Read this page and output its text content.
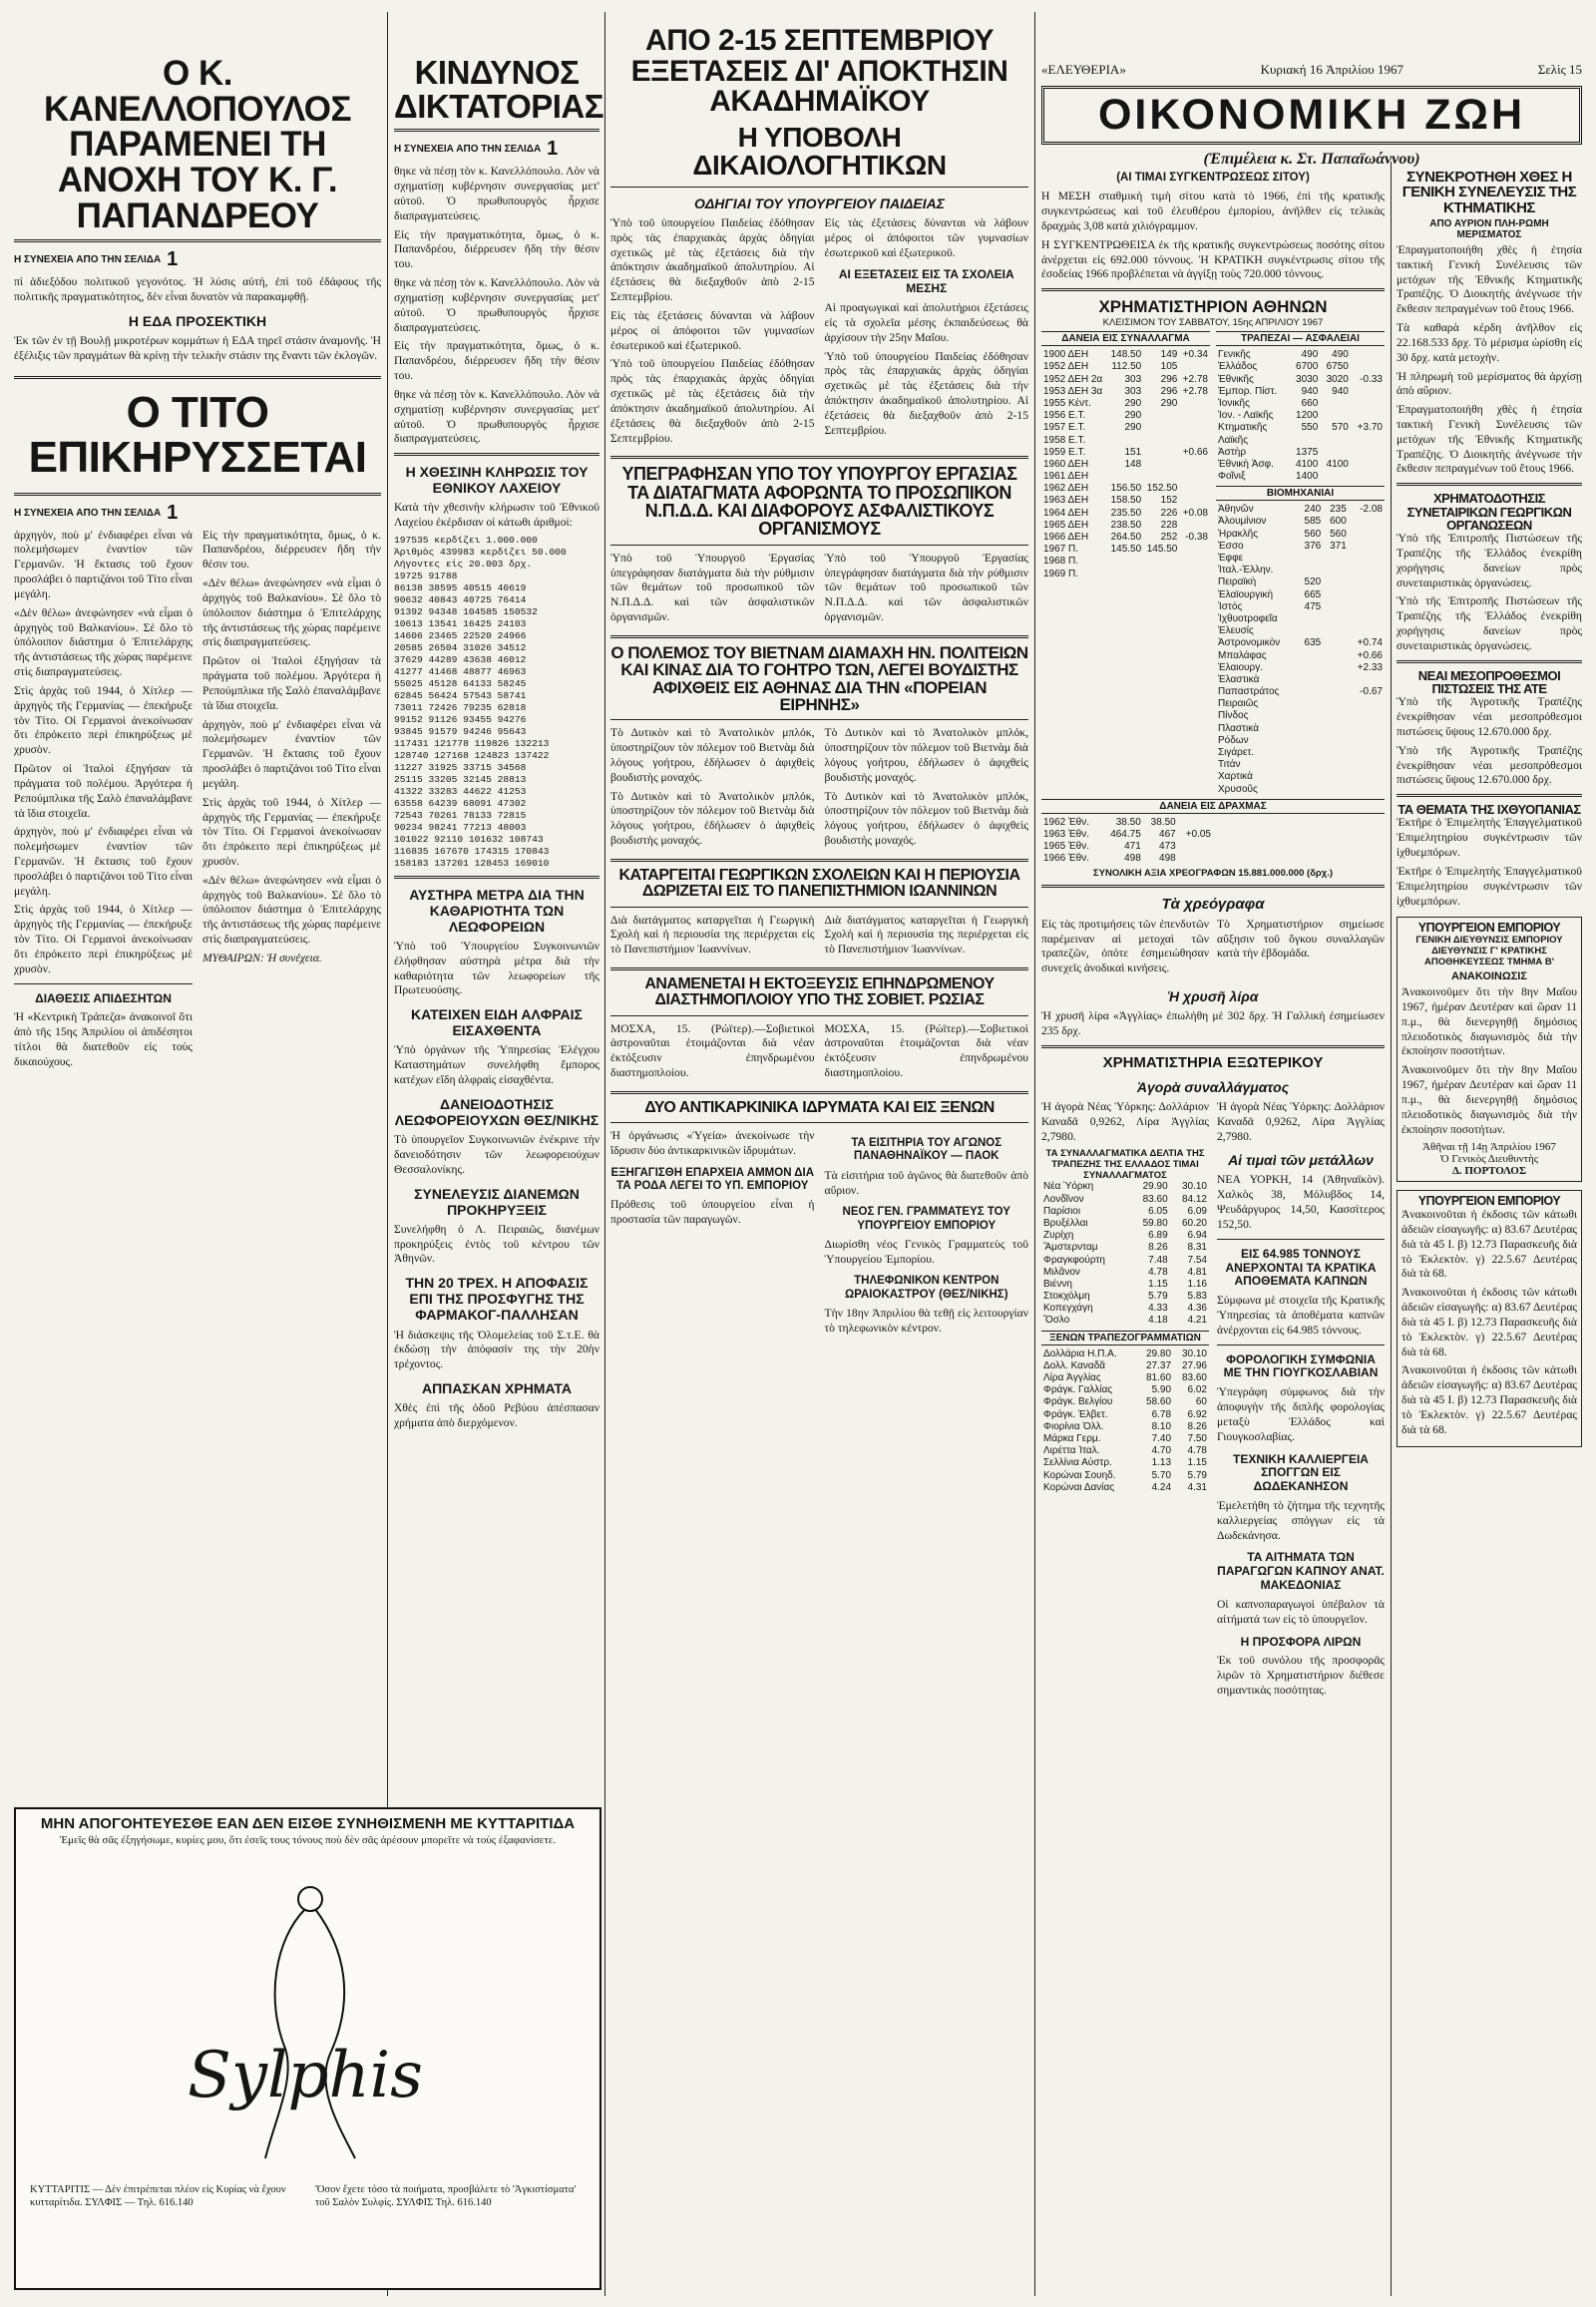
Ο Κ. ΚΑΝΕΛΛΟΠΟΥΛΟΣ ΠΑΡΑΜΕΝΕΙ ΤΗ ΑΝΟΧΗ ΤΟΥ Κ. Γ. ΠΑΠΑΝΔΡΕΟΥ
Η ΣΥΝΕΧΕΙΑ ΑΠΟ ΤΗΝ ΣΕΛΙΔΑ 1

πὶ ἀδιεξόδου πολιτικοῦ γεγονότος. Ἡ λύσις αὐτή, ἐπὶ τοῦ ἐδάφους τῆς πολιτικῆς πραγματικότητος, δὲν εἶναι δυνατὸν νὰ παρακαμφθῇ.

Η ΕΔΑ ΠΡΟΣΕΚΤΙΚΗ

Ἐκ τῶν ἐν τῇ Βουλῇ μικροτέρων κομμάτων ἡ ΕΔΑ τηρεῖ στάσιν ἀναμονῆς. Ἡ ἐξέλιξις τῶν πραγμάτων θὰ κρίνῃ τὴν τελικὴν στάσιν της ἔναντι τῶν ἐκλογῶν.

Ο ΤΙΤΟ ΕΠΙΚΗΡΥΣΣΕΤΑΙ
Η ΣΥΝΕΧΕΙΑ ΑΠΟ ΤΗΝ ΣΕΛΙΔΑ 1

ἀρχηγὸν, ποὺ μ' ἐνδιαφέρει εἶναι νὰ πολεμήσωμεν ἐναντίον τῶν Γερμανῶν. Ἡ ἔκτασις τοῦ ἔχουν προσλάβει ὁ παρτιζάνοι τοῦ Τίτο εἶναι μεγάλη.

«Δὲν θέλω» ἀνεφώνησεν «νὰ εἶμαι ὁ ἀρχηγὸς τοῦ Βαλκανίου». Σὲ ὅλο τὸ ὑπόλοιπον διάστημα ὁ Ἐπιτελάρχης τῆς ἀντιστάσεως τῆς χώρας παρέμεινε στὶς διαπραγματεύσεις.

Στὶς ἀρχὰς τοῦ 1944, ὁ Χίτλερ — ἀρχηγὸς τῆς Γερμανίας — ἐπεκήρυξε τὸν Τίτο. Οἱ Γερμανοὶ ἀνεκοίνωσαν ὅτι ἐπρόκειτο περὶ ἐπικηρύξεως μὲ χρυσὸν.

Πρῶτον οἱ Ἰταλοὶ ἐξηγήσαν τὰ πράγματα τοῦ πολέμου. Ἀργότερα ἡ Ρεπούμπλικα τῆς Σαλὸ ἐπαναλάμβανε τὰ ἴδια στοιχεῖα.

ἀρχηγὸν, ποὺ μ' ἐνδιαφέρει εἶναι νὰ πολεμήσωμεν ἐναντίον τῶν Γερμανῶν. Ἡ ἔκτασις τοῦ ἔχουν προσλάβει ὁ παρτιζάνοι τοῦ Τίτο εἶναι μεγάλη.

Στὶς ἀρχὰς τοῦ 1944, ὁ Χίτλερ — ἀρχηγὸς τῆς Γερμανίας — ἐπεκήρυξε τὸν Τίτο. Οἱ Γερμανοὶ ἀνεκοίνωσαν ὅτι ἐπρόκειτο περὶ ἐπικηρύξεως μὲ χρυσὸν.

ΔΙΑΘΕΣΙΣ ΑΠΙΔΕΣΗΤΩΝ

Ἡ «Κεντρικὴ Τράπεζα» ἀνακοινοῖ ὅτι ἀπὸ τῆς 15ης Ἀπριλίου οἱ ἀπιδέσητοι τίτλοι θὰ διατεθοῦν εἰς τοὺς δικαιούχους.

Εἰς τὴν πραγματικότητα, ὅμως, ὁ κ. Παπανδρέου, διέρρευσεν ἤδη τὴν θέσιν του.

«Δὲν θέλω» ἀνεφώνησεν «νὰ εἶμαι ὁ ἀρχηγὸς τοῦ Βαλκανίου». Σὲ ὅλο τὸ ὑπόλοιπον διάστημα ὁ Ἐπιτελάρχης τῆς ἀντιστάσεως τῆς χώρας παρέμεινε στὶς διαπραγματεύσεις.

Πρῶτον οἱ Ἰταλοὶ ἐξηγήσαν τὰ πράγματα τοῦ πολέμου. Ἀργότερα ἡ Ρεπούμπλικα τῆς Σαλὸ ἐπαναλάμβανε τὰ ἴδια στοιχεῖα.

ἀρχηγὸν, ποὺ μ' ἐνδιαφέρει εἶναι νὰ πολεμήσωμεν ἐναντίον τῶν Γερμανῶν. Ἡ ἔκτασις τοῦ ἔχουν προσλάβει ὁ παρτιζάνοι τοῦ Τίτο εἶναι μεγάλη.

Στὶς ἀρχὰς τοῦ 1944, ὁ Χίτλερ — ἀρχηγὸς τῆς Γερμανίας — ἐπεκήρυξε τὸν Τίτο. Οἱ Γερμανοὶ ἀνεκοίνωσαν ὅτι ἐπρόκειτο περὶ ἐπικηρύξεως μὲ χρυσὸν.

«Δὲν θέλω» ἀνεφώνησεν «νὰ εἶμαι ὁ ἀρχηγὸς τοῦ Βαλκανίου». Σὲ ὅλο τὸ ὑπόλοιπον διάστημα ὁ Ἐπιτελάρχης τῆς ἀντιστάσεως τῆς χώρας παρέμεινε στὶς διαπραγματεύσεις.

ΜΥΘΑΙΡΩΝ: Ἡ συνέχεια.

ΜΗΝ ΑΠΟΓΟΗΤΕΥΕΣΘΕ ΕΑΝ ΔΕΝ ΕΙΣΘΕ ΣΥΝΗΘΙΣΜΕΝΗ ΜΕ ΚΥΤΤΑΡΙΤΙΔΑ
Ἐμεῖς θὰ σᾶς ἐξηγήσωμε, κυρίες μου, ὅτι ἐσεῖς τους τόνους ποὺ δὲν σᾶς ἀρέσουν μπορεῖτε νὰ τοὺς ἐξαφανίσετε.
Sylphis
ΚΥΤΤΑΡΙΤΙΣ — Δὲν ἐπιτρέπεται πλέον εἰς Κυρίας νὰ ἔχουν κυτταρίτιδα. ΣΥΛΦΙΣ — Τηλ. 616.140
Ὅσον ἔχετε τόσο τὰ ποιήματα, προσβάλετε τὸ 'Ἀγκιστίσματα' τοῦ Σαλὸν Συλφίς. ΣΥΛΦΙΣ Τηλ. 616.140
ΚΙΝΔΥΝΟΣ ΔΙΚΤΑΤΟΡΙΑΣ
Η ΣΥΝΕΧΕΙΑ ΑΠΟ ΤΗΝ ΣΕΛΙΔΑ 1

θηκε νὰ πέσῃ τὸν κ. Κανελλόπουλο. Λὸν νὰ σχηματίσῃ κυβέρνησιν συνεργασίας μετ' αὐτοῦ. Ὁ πρωθυπουργὸς ἦρχισε διαπραγματεύσεις.

Εἰς τὴν πραγματικότητα, ὅμως, ὁ κ. Παπανδρέου, διέρρευσεν ἤδη τὴν θέσιν του.

θηκε νὰ πέσῃ τὸν κ. Κανελλόπουλο. Λὸν νὰ σχηματίσῃ κυβέρνησιν συνεργασίας μετ' αὐτοῦ. Ὁ πρωθυπουργὸς ἦρχισε διαπραγματεύσεις.

Εἰς τὴν πραγματικότητα, ὅμως, ὁ κ. Παπανδρέου, διέρρευσεν ἤδη τὴν θέσιν του.

θηκε νὰ πέσῃ τὸν κ. Κανελλόπουλο. Λὸν νὰ σχηματίσῃ κυβέρνησιν συνεργασίας μετ' αὐτοῦ. Ὁ πρωθυπουργὸς ἦρχισε διαπραγματεύσεις.

Η ΧΘΕΣΙΝΗ ΚΛΗΡΩΣΙΣ ΤΟΥ ΕΘΝΙΚΟΥ ΛΑΧΕΙΟΥ

Κατὰ τὴν χθεσινὴν κλήρωσιν τοῦ Ἐθνικοῦ Λαχείου ἐκέρδισαν οἱ κάτωθι ἀριθμοί:

197535 κερδίζει 1.000.000
Ἀριθμὸς 439983 κερδίζει 50.000
Λήγοντες εἰς 20.003 δρχ.
19725 91788
86138 38595 40515 40619
90632 40843 40725 76414
91392 94348 104585 150532
10613 13541 16425 24103
14606 23465 22520 24966
20585 26504 31026 34512
37629 44289 43638 46012
41277 41468 48877 46963
55025 45128 64133 58245
62845 56424 57543 58741
73011 72426 79235 62818
99152 91126 93455 94276
93845 91579 94246 95643
117431 121778 119826 132213
128740 127168 124823 137422
11227 31925 33715 34568
25115 33205 32145 28813
41322 33283 44622 41253
63558 64239 68091 47302
72543 70261 78133 72815
90234 98241 77213 48003
101022 92110 101632 108743
116835 167670 174315 170843
158183 137201 128453 169010
ΑΥΣΤΗΡΑ ΜΕΤΡΑ ΔΙΑ ΤΗΝ ΚΑΘΑΡΙΟΤΗΤΑ ΤΩΝ ΛΕΩΦΟΡΕΙΩΝ

Ὑπὸ τοῦ Ὑπουργείου Συγκοινωνιῶν ἐλήφθησαν αὐστηρὰ μέτρα διὰ τὴν καθαριότητα τῶν λεωφορείων τῆς Πρωτευούσης.

ΚΑΤΕΙΧΕΝ ΕΙΔΗ ΑΛΦΡΑΙΣ ΕΙΣΑΧΘΕΝΤΑ

Ὑπὸ ὀργάνων τῆς Ὑπηρεσίας Ἐλέγχου Καταστημάτων συνελήφθη ἔμπορος κατέχων εἴδη ἀλφραὶς εἰσαχθέντα.

ΔΑΝΕΙΟΔΟΤΗΣΙΣ ΛΕΩΦΟΡΕΙΟΥΧΩΝ ΘΕΣ/ΝΙΚΗΣ

Τὸ ὑπουργεῖον Συγκοινωνιῶν ἐνέκρινε τὴν δανειοδότησιν τῶν λεωφορειούχων Θεσσαλονίκης.

ΣΥΝΕΛΕΥΣΙΣ ΔΙΑΝΕΜΩΝ ΠΡΟΚΗΡΥΞΕΙΣ

Συνελήφθη ὁ Λ. Πειραιῶς, διανέμων προκηρύξεις ἐντὸς τοῦ κέντρου τῶν Ἀθηνῶν.

ΤΗΝ 20 ΤΡΕΧ. Η ΑΠΟΦΑΣΙΣ ΕΠΙ ΤΗΣ ΠΡΟΣΦΥΓΗΣ ΤΗΣ ΦΑΡΜΑΚΟΓ-ΠΑΛΛΗΣΑΝ

Ἡ διάσκεψις τῆς Ὁλομελείας τοῦ Σ.τ.Ε. θὰ ἐκδώσῃ τὴν ἀπόφασίν της τὴν 20ὴν τρέχοντος.

ΑΠΠΑΣΚΑΝ ΧΡΗΜΑΤΑ

Χθὲς ἐπὶ τῆς ὁδοῦ Ρεβύου ἀπέσπασαν χρήματα ἀπὸ διερχόμενον.

ΑΠΟ 2-15 ΣΕΠΤΕΜΒΡΙΟΥ ΕΞΕΤΑΣΕΙΣ ΔΙ' ΑΠΟΚΤΗΣΙΝ ΑΚΑΔΗΜΑΪΚΟΥ
Η ΥΠΟΒΟΛΗ ΔΙΚΑΙΟΛΟΓΗΤΙΚΩΝ
ΟΔΗΓΙΑΙ ΤΟΥ ΥΠΟΥΡΓΕΙΟΥ ΠΑΙΔΕΙΑΣ

Ὑπὸ τοῦ ὑπουργείου Παιδείας ἐδόθησαν πρὸς τὰς ἐπαρχιακὰς ἀρχὰς ὁδηγίαι σχετικῶς μὲ τὰς ἐξετάσεις διὰ τὴν ἀπόκτησιν ἀκαδημαϊκοῦ ἀπολυτηρίου. Αἱ ἐξετάσεις θὰ διεξαχθοῦν ἀπὸ 2-15 Σεπτεμβρίου.

Εἰς τὰς ἐξετάσεις δύνανται νὰ λάβουν μέρος οἱ ἀπόφοιτοι τῶν γυμνασίων ἐσωτερικοῦ καὶ ἐξωτερικοῦ.

Ὑπὸ τοῦ ὑπουργείου Παιδείας ἐδόθησαν πρὸς τὰς ἐπαρχιακὰς ἀρχὰς ὁδηγίαι σχετικῶς μὲ τὰς ἐξετάσεις διὰ τὴν ἀπόκτησιν ἀκαδημαϊκοῦ ἀπολυτηρίου. Αἱ ἐξετάσεις θὰ διεξαχθοῦν ἀπὸ 2-15 Σεπτεμβρίου.

Εἰς τὰς ἐξετάσεις δύνανται νὰ λάβουν μέρος οἱ ἀπόφοιτοι τῶν γυμνασίων ἐσωτερικοῦ καὶ ἐξωτερικοῦ.

ΑΙ ΕΞΕΤΑΣΕΙΣ ΕΙΣ ΤΑ ΣΧΟΛΕΙΑ ΜΕΣΗΣ

Αἱ προαγωγικαὶ καὶ ἀπολυτήριοι ἐξετάσεις εἰς τὰ σχολεῖα μέσης ἐκπαιδεύσεως θὰ ἀρχίσουν τὴν 25ην Μαΐου.

Ὑπὸ τοῦ ὑπουργείου Παιδείας ἐδόθησαν πρὸς τὰς ἐπαρχιακὰς ἀρχὰς ὁδηγίαι σχετικῶς μὲ τὰς ἐξετάσεις διὰ τὴν ἀπόκτησιν ἀκαδημαϊκοῦ ἀπολυτηρίου. Αἱ ἐξετάσεις θὰ διεξαχθοῦν ἀπὸ 2-15 Σεπτεμβρίου.

ΥΠΕΓΡΑΦΗΣΑΝ ΥΠΟ ΤΟΥ ΥΠΟΥΡΓΟΥ ΕΡΓΑΣΙΑΣ ΤΑ ΔΙΑΤΑΓΜΑΤΑ ΑΦΟΡΩΝΤΑ ΤΟ ΠΡΟΣΩΠΙΚΟΝ Ν.Π.Δ.Δ. ΚΑΙ ΔΙΑΦΟΡΟΥΣ ΑΣΦΑΛΙΣΤΙΚΟΥΣ ΟΡΓΑΝΙΣΜΟΥΣ

Ὑπὸ τοῦ Ὑπουργοῦ Ἐργασίας ὑπεγράφησαν διατάγματα διὰ τὴν ρύθμισιν τῶν θεμάτων τοῦ προσωπικοῦ τῶν Ν.Π.Δ.Δ. καὶ τῶν ἀσφαλιστικῶν ὀργανισμῶν.

Ὑπὸ τοῦ Ὑπουργοῦ Ἐργασίας ὑπεγράφησαν διατάγματα διὰ τὴν ρύθμισιν τῶν θεμάτων τοῦ προσωπικοῦ τῶν Ν.Π.Δ.Δ. καὶ τῶν ἀσφαλιστικῶν ὀργανισμῶν.

Ο ΠΟΛΕΜΟΣ ΤΟΥ ΒΙΕΤΝΑΜ ΔΙΑΜΑΧΗ ΗΝ. ΠΟΛΙΤΕΙΩΝ ΚΑΙ ΚΙΝΑΣ ΔΙΑ ΤΟ ΓΟΗΤΡΟ ΤΩΝ, ΛΕΓΕΙ ΒΟΥΔΙΣΤΗΣ ΑΦΙΧΘΕΙΣ ΕΙΣ ΑΘΗΝΑΣ ΔΙΑ ΤΗΝ «ΠΟΡΕΙΑΝ ΕΙΡΗΝΗΣ»

Τὸ Δυτικὸν καὶ τὸ Ἀνατολικὸν μπλόκ, ὑποστηρίζουν τὸν πόλεμον τοῦ Βιετνὰμ διὰ λόγους γοήτρου, ἐδήλωσεν ὁ ἀφιχθεὶς βουδιστὴς μοναχός.

Τὸ Δυτικὸν καὶ τὸ Ἀνατολικὸν μπλόκ, ὑποστηρίζουν τὸν πόλεμον τοῦ Βιετνὰμ διὰ λόγους γοήτρου, ἐδήλωσεν ὁ ἀφιχθεὶς βουδιστὴς μοναχός.

Τὸ Δυτικὸν καὶ τὸ Ἀνατολικὸν μπλόκ, ὑποστηρίζουν τὸν πόλεμον τοῦ Βιετνὰμ διὰ λόγους γοήτρου, ἐδήλωσεν ὁ ἀφιχθεὶς βουδιστὴς μοναχός.

Τὸ Δυτικὸν καὶ τὸ Ἀνατολικὸν μπλόκ, ὑποστηρίζουν τὸν πόλεμον τοῦ Βιετνὰμ διὰ λόγους γοήτρου, ἐδήλωσεν ὁ ἀφιχθεὶς βουδιστὴς μοναχός.

ΚΑΤΑΡΓΕΙΤΑΙ ΓΕΩΡΓΙΚΩΝ ΣΧΟΛΕΙΩΝ ΚΑΙ Η ΠΕΡΙΟΥΣΙΑ ΔΩΡΙΖΕΤΑΙ ΕΙΣ ΤΟ ΠΑΝΕΠΙΣΤΗΜΙΟΝ ΙΩΑΝΝΙΝΩΝ

Διὰ διατάγματος καταργεῖται ἡ Γεωργικὴ Σχολὴ καὶ ἡ περιουσία της περιέρχεται εἰς τὸ Πανεπιστήμιον Ἰωαννίνων.

Διὰ διατάγματος καταργεῖται ἡ Γεωργικὴ Σχολὴ καὶ ἡ περιουσία της περιέρχεται εἰς τὸ Πανεπιστήμιον Ἰωαννίνων.

ΑΝΑΜΕΝΕΤΑΙ Η ΕΚΤΟΞΕΥΣΙΣ ΕΠΗΝΔΡΩΜΕΝΟΥ ΔΙΑΣΤΗΜΟΠΛΟΙΟΥ ΥΠΟ ΤΗΣ ΣΟΒΙΕΤ. ΡΩΣΙΑΣ

ΜΟΣΧΑ, 15. (Ρώϊτερ).—Σοβιετικοὶ ἀστροναῦται ἑτοιμάζονται διὰ νέαν ἐκτόξευσιν ἐπηνδρωμένου διαστημοπλοίου.

ΜΟΣΧΑ, 15. (Ρώϊτερ).—Σοβιετικοὶ ἀστροναῦται ἑτοιμάζονται διὰ νέαν ἐκτόξευσιν ἐπηνδρωμένου διαστημοπλοίου.

ΔΥΟ ΑΝΤΙΚΑΡΚΙΝΙΚΑ ΙΔΡΥΜΑΤΑ ΚΑΙ ΕΙΣ ΞΕΝΩΝ

Ἡ ὀργάνωσις «Ὑγεία» ἀνεκοίνωσε τὴν ἵδρυσιν δύο ἀντικαρκινικῶν ἱδρυμάτων.

ΕΞΗΓΑΓΙΣΘΗ ΕΠΑΡΧΕΙΑ ΑΜΜΟΝ ΔΙΑ ΤΑ ΡΟΔΑ ΛΕΓΕΙ ΤΟ ΥΠ. ΕΜΠΟΡΙΟΥ

Πρόθεσις τοῦ ὑπουργείου εἶναι ἡ προστασία τῶν παραγωγῶν.

ΤΑ ΕΙΣΙΤΗΡΙΑ ΤΟΥ ΑΓΩΝΟΣ ΠΑΝΑΘΗΝΑΪΚΟΥ — ΠΑΟΚ

Τὰ εἰσιτήρια τοῦ ἀγῶνος θὰ διατεθοῦν ἀπὸ αὔριον.

ΝΕΟΣ ΓΕΝ. ΓΡΑΜΜΑΤΕΥΣ ΤΟΥ ΥΠΟΥΡΓΕΙΟΥ ΕΜΠΟΡΙΟΥ

Διωρίσθη νέος Γενικὸς Γραμματεὺς τοῦ Ὑπουργείου Ἐμπορίου.

ΤΗΛΕΦΩΝΙΚΟΝ ΚΕΝΤΡΟΝ ΩΡΑΙΟΚΑΣΤΡΟΥ (ΘΕΣ/ΝΙΚΗΣ)

Τὴν 18ην Ἀπριλίου θὰ τεθῇ εἰς λειτουργίαν τὸ τηλεφωνικὸν κέντρον.

«ΕΛΕΥΘΕΡΙΑ»	Κυριακή 16 Ἀπριλίου 1967	Σελὶς 15
ΟΙΚΟΝΟΜΙΚΗ ΖΩΗ
(Ἐπιμέλεια κ. Στ. Παπαϊωάννου)
(ΑΙ ΤΙΜΑΙ ΣΥΓΚΕΝΤΡΩΣΕΩΣ ΣΙΤΟΥ)

Η ΜΕΣΗ σταθμικὴ τιμὴ σίτου κατὰ τὸ 1966, ἐπὶ τῆς κρατικῆς συγκεντρώσεως καὶ τοῦ ἐλευθέρου ἐμπορίου, ἀνῆλθεν εἰς τελικὰς δραχμὰς 3,08 κατὰ χιλιόγραμμον.

Η ΣΥΓΚΕΝΤΡΩΘΕΙΣΑ ἐκ τῆς κρατικῆς συγκεντρώσεως ποσότης σίτου ἀνέρχεται εἰς 692.000 τόννους. Ἡ ΚΡΑΤΙΚΗ συγκέντρωσις σίτου τῆς ἐσοδείας 1966 προβλέπεται νὰ ἀγγίξῃ τοὺς 720.000 τόννους.

ΧΡΗΜΑΤΙΣΤΗΡΙΟΝ ΑΘΗΝΩΝ
ΚΛΕΙΣΙΜΟΝ ΤΟΥ ΣΑΒΒΑΤΟΥ, 15ης ΑΠΡΙΛΙΟΥ 1967
ΔΑΝΕΙΑ ΕΙΣ ΣΥΝΑΛΛΑΓΜΑ
1900 ΔΕΗ	148.50	149	+0.34
1952 ΔΕΗ	112.50	105	
1952 ΔΕΗ 2α	303	296	+2.78
1953 ΔΕΗ 3α	303	296	+2.78
1955 Κέντ.	290	290	
1956 Ε.Τ.	290		
1957 Ε.Τ.	290		
1958 Ε.Τ.			
1959 Ε.Τ.	151		+0.66
1960 ΔΕΗ	148		
1961 ΔΕΗ			
1962 ΔΕΗ	156.50	152.50	
1963 ΔΕΗ	158.50	152	
1964 ΔΕΗ	235.50	226	+0.08
1965 ΔΕΗ	238.50	228	
1966 ΔΕΗ	264.50	252	-0.38
1967 Π.	145.50	145.50	
1968 Π.			
1969 Π.			
ΤΡΑΠΕΖΑΙ — ΑΣΦΑΛΕΙΑΙ
Γενικῆς	490	490	
Ἑλλάδος	6700	6750	
Ἐθνικῆς	3030	3020	-0.33
Ἐμπορ. Πίστ.	940	940	
Ἰονικῆς	660		
Ἰον. - Λαϊκῆς	1200		
Κτηματικῆς	550	570	+3.70
Λαϊκῆς			
Ἀστὴρ	1375		
Ἐθνικὴ Ἀσφ.	4100	4100	
Φοῖνιξ	1400		
ΒΙΟΜΗΧΑΝΙΑΙ
Ἀθηνῶν	240	235	-2.08
Ἀλουμίνιον	585	600	
Ἡρακλῆς	560	560	
Ἐσσο	376	371	
Ἐφφε			
Ἰταλ.-Ἑλλην.			
Πειραϊκὴ	520		
Ἐλαϊουργικὴ	665		
Ἰστός	475		
Ἰχθυοτροφεῖα			
Ἐλευσίς			
Ἀστρονομικὸν	635		+0.74
Μπαλάφας			+0.66
Ἐλαιουργ.			+2.33
Ἐλαστικὰ			
Παπαστράτος			-0.67
Πειραιῶς			
Πίνδος			
Πλαστικὰ			
Ρόδων			
Σιγάρετ.			
Τιτάν			
Χαρτικὰ			
Χρυσοῦς			
ΔΑΝΕΙΑ ΕΙΣ ΔΡΑΧΜΑΣ
1962 Ἐθν.	38.50	38.50	
1963 Ἐθν.	464.75	467	+0.05
1965 Ἐθν.	471	473	
1966 Ἐθν.	498	498	
ΣΥΝΟΛΙΚΗ ΑΞΙΑ ΧΡΕΟΓΡΑΦΩΝ 15.881.000.000 (δρχ.)
Τὰ χρεόγραφα

Εἰς τὰς προτιμήσεις τῶν ἐπενδυτῶν παρέμειναν αἱ μετοχαὶ τῶν τραπεζῶν, ὁπότε ἐσημειώθησαν συνεχεῖς ἀνοδικαὶ κινήσεις.

Τὸ Χρηματιστήριον σημείωσε αὔξησιν τοῦ ὄγκου συναλλαγῶν κατὰ τὴν ἑβδομάδα.

Ἡ χρυσῆ λίρα

Ἡ χρυσῆ λίρα «Ἀγγλίας» ἐπωλήθη μὲ 302 δρχ. Ἡ Γαλλικὴ ἐσημείωσεν 235 δρχ.

ΧΡΗΜΑΤΙΣΤΗΡΙΑ ΕΞΩΤΕΡΙΚΟΥ
Ἀγορὰ συναλλάγματος

Ἡ ἀγορὰ Νέας Ὑόρκης: Δολλάριον Καναδᾶ 0,9262, Λίρα Ἀγγλίας 2,7980.

ΤΑ ΣΥΝΑΛΛΑΓΜΑΤΙΚΑ ΔΕΛΤΙΑ ΤΗΣ ΤΡΑΠΕΖΗΣ ΤΗΣ ΕΛΛΑΔΟΣ ΤΙΜΑΙ ΣΥΝΑΛΛΑΓΜΑΤΟΣ
Νέα Ὑόρκη	29.90	30.10
Λονδῖνον	83.60	84.12
Παρίσιοι	6.05	6.09
Βρυξέλλαι	59.80	60.20
Ζυρίχη	6.89	6.94
Ἄμστερνταμ	8.26	8.31
Φραγκφούρτη	7.48	7.54
Μιλᾶνον	4.78	4.81
Βιέννη	1.15	1.16
Στοκχόλμη	5.79	5.83
Κοπεγχάγη	4.33	4.36
Ὄσλο	4.18	4.21
ΞΕΝΩΝ ΤΡΑΠΕΖΟΓΡΑΜΜΑΤΙΩΝ
Δολλάρια Η.Π.Α.	29.80	30.10
Δολλ. Καναδᾶ	27.37	27.96
Λίρα Ἀγγλίας	81.60	83.60
Φράγκ. Γαλλίας	5.90	6.02
Φράγκ. Βελγίου	58.60	60
Φράγκ. Ἑλβετ.	6.78	6.92
Φιορίνια Ὀλλ.	8.10	8.26
Μάρκα Γερμ.	7.40	7.50
Λιρέττα Ἰταλ.	4.70	4.78
Σελλίνια Αὐστρ.	1.13	1.15
Κορώναι Σουηδ.	5.70	5.79
Κορώναι Δανίας	4.24	4.31

Ἡ ἀγορὰ Νέας Ὑόρκης: Δολλάριον Καναδᾶ 0,9262, Λίρα Ἀγγλίας 2,7980.

Αἱ τιμαὶ τῶν μετάλλων

ΝΕΑ ΥΟΡΚΗ, 14 (Ἀθηναϊκὸν). Χαλκὸς 38, Μόλυβδος 14, Ψευδάργυρος 14,50, Κασσίτερος 152,50.

ΕΙΣ 64.985 ΤΟΝΝΟΥΣ ΑΝΕΡΧΟΝΤΑΙ ΤΑ ΚΡΑΤΙΚΑ ΑΠΟΘΕΜΑΤΑ ΚΑΠΝΩΝ

Σύμφωνα μὲ στοιχεῖα τῆς Κρατικῆς Ὑπηρεσίας τὰ ἀποθέματα καπνῶν ἀνέρχονται εἰς 64.985 τόννους.

ΦΟΡΟΛΟΓΙΚΗ ΣΥΜΦΩΝΙΑ ΜΕ ΤΗΝ ΓΙΟΥΓΚΟΣΛΑΒΙΑΝ

Ὑπεγράφη σύμφωνος διὰ τὴν ἀποφυγὴν τῆς διπλῆς φορολογίας μεταξὺ Ἑλλάδος καὶ Γιουγκοσλαβίας.

ΤΕΧΝΙΚΗ ΚΑΛΛΙΕΡΓΕΙΑ ΣΠΟΓΓΩΝ ΕΙΣ ΔΩΔΕΚΑΝΗΣΟΝ

Ἐμελετήθη τὸ ζήτημα τῆς τεχνητῆς καλλιεργείας σπόγγων εἰς τὰ Δωδεκάνησα.

ΤΑ ΑΙΤΗΜΑΤΑ ΤΩΝ ΠΑΡΑΓΩΓΩΝ ΚΑΠΝΟΥ ΑΝΑΤ. ΜΑΚΕΔΟΝΙΑΣ

Οἱ καπνοπαραγωγοὶ ὑπέβαλον τὰ αἰτήματά των εἰς τὸ ὑπουργεῖον.

Η ΠΡΟΣΦΟΡΑ ΛΙΡΩΝ

Ἐκ τοῦ συνόλου τῆς προσφορᾶς λιρῶν τὸ Χρηματιστήριον διέθεσε σημαντικὰς ποσότητας.

ΣΥΝΕΚΡΟΤΗΘΗ ΧΘΕΣ Η ΓΕΝΙΚΗ ΣΥΝΕΛΕΥΣΙΣ ΤΗΣ ΚΤΗΜΑΤΙΚΗΣ
ΑΠΟ ΑΥΡΙΟΝ ΠΛΗ-ΡΩΜΗ ΜΕΡΙΣΜΑΤΟΣ

Ἐπραγματοποιήθη χθὲς ἡ ἐτησία τακτικὴ Γενικὴ Συνέλευσις τῶν μετόχων τῆς Ἐθνικῆς Κτηματικῆς Τραπέζης. Ὁ Διοικητὴς ἀνέγνωσε τὴν ἔκθεσιν πεπραγμένων τοῦ ἔτους 1966.

Τὰ καθαρὰ κέρδη ἀνῆλθον εἰς 22.168.533 δρχ. Τὸ μέρισμα ὡρίσθη εἰς 30 δρχ. κατὰ μετοχὴν.

Ἡ πληρωμὴ τοῦ μερίσματος θὰ ἀρχίσῃ ἀπὸ αὔριον.

Ἐπραγματοποιήθη χθὲς ἡ ἐτησία τακτικὴ Γενικὴ Συνέλευσις τῶν μετόχων τῆς Ἐθνικῆς Κτηματικῆς Τραπέζης. Ὁ Διοικητὴς ἀνέγνωσε τὴν ἔκθεσιν πεπραγμένων τοῦ ἔτους 1966.

ΧΡΗΜΑΤΟΔΟΤΗΣΙΣ ΣΥΝΕΤΑΙΡΙΚΩΝ ΓΕΩΡΓΙΚΩΝ ΟΡΓΑΝΩΣΕΩΝ

Ὑπὸ τῆς Ἐπιτροπῆς Πιστώσεων τῆς Τραπέζης τῆς Ἑλλάδος ἐνεκρίθη χορήγησις δανείων πρὸς συνεταιριστικὰς ὀργανώσεις.

Ὑπὸ τῆς Ἐπιτροπῆς Πιστώσεων τῆς Τραπέζης τῆς Ἑλλάδος ἐνεκρίθη χορήγησις δανείων πρὸς συνεταιριστικὰς ὀργανώσεις.

ΝΕΑΙ ΜΕΣΟΠΡΟΘΕΣΜΟΙ ΠΙΣΤΩΣΕΙΣ ΤΗΣ ΑΤΕ

Ὑπὸ τῆς Ἀγροτικῆς Τραπέζης ἐνεκρίθησαν νέαι μεσοπρόθεσμοι πιστώσεις ὕψους 12.670.000 δρχ.

Ὑπὸ τῆς Ἀγροτικῆς Τραπέζης ἐνεκρίθησαν νέαι μεσοπρόθεσμοι πιστώσεις ὕψους 12.670.000 δρχ.

ΤΑ ΘΕΜΑΤΑ ΤΗΣ ΙΧΘΥΟΠΑΝΙΑΣ

Ἐκτῆρε ὁ Ἐπιμελητὴς Ἐπαγγελματικοῦ Ἐπιμελητηρίου συγκέντρωσιν τῶν ἰχθυεμπόρων.

Ἐκτῆρε ὁ Ἐπιμελητὴς Ἐπαγγελματικοῦ Ἐπιμελητηρίου συγκέντρωσιν τῶν ἰχθυεμπόρων.

ΥΠΟΥΡΓΕΙΟΝ ΕΜΠΟΡΙΟΥ
ΓΕΝΙΚΗ ΔΙΕΥΘΥΝΣΙΣ ΕΜΠΟΡΙΟΥ ΔΙΕΥΘΥΝΣΙΣ Γ' ΚΡΑΤΙΚΗΣ ΑΠΟΘΗΚΕΥΣΕΩΣ ΤΜΗΜΑ Β'
ΑΝΑΚΟΙΝΩΣΙΣ

Ἀνακοινοῦμεν ὅτι τὴν 8ην Μαΐου 1967, ἡμέραν Δευτέραν καὶ ὥραν 11 π.μ., θὰ διενεργηθῇ δημόσιος πλειοδοτικὸς διαγωνισμὸς διὰ τὴν ἐκποίησιν ποσοτήτων.

Ἀνακοινοῦμεν ὅτι τὴν 8ην Μαΐου 1967, ἡμέραν Δευτέραν καὶ ὥραν 11 π.μ., θὰ διενεργηθῇ δημόσιος πλειοδοτικὸς διαγωνισμὸς διὰ τὴν ἐκποίησιν ποσοτήτων.

Ἀθῆναι τῇ 14ῃ Ἀπριλίου 1967
Ὁ Γενικὸς Διευθυντὴς
Δ. ΠΟΡΤΟΛΟΣ
ΥΠΟΥΡΓΕΙΟΝ ΕΜΠΟΡΙΟΥ

Ἀνακοινοῦται ἡ ἐκδοσις τῶν κάτωθι ἀδειῶν εἰσαγωγῆς: α) 83.67 Δευτέρας διὰ τὰ 45 Ι. β) 12.73 Παρασκευῆς διὰ τὸ Ἐκλεκτὸν. γ) 22.5.67 Δευτέρας διὰ τὰ 68.

Ἀνακοινοῦται ἡ ἐκδοσις τῶν κάτωθι ἀδειῶν εἰσαγωγῆς: α) 83.67 Δευτέρας διὰ τὰ 45 Ι. β) 12.73 Παρασκευῆς διὰ τὸ Ἐκλεκτὸν. γ) 22.5.67 Δευτέρας διὰ τὰ 68.

Ἀνακοινοῦται ἡ ἐκδοσις τῶν κάτωθι ἀδειῶν εἰσαγωγῆς: α) 83.67 Δευτέρας διὰ τὰ 45 Ι. β) 12.73 Παρασκευῆς διὰ τὸ Ἐκλεκτὸν. γ) 22.5.67 Δευτέρας διὰ τὰ 68.
